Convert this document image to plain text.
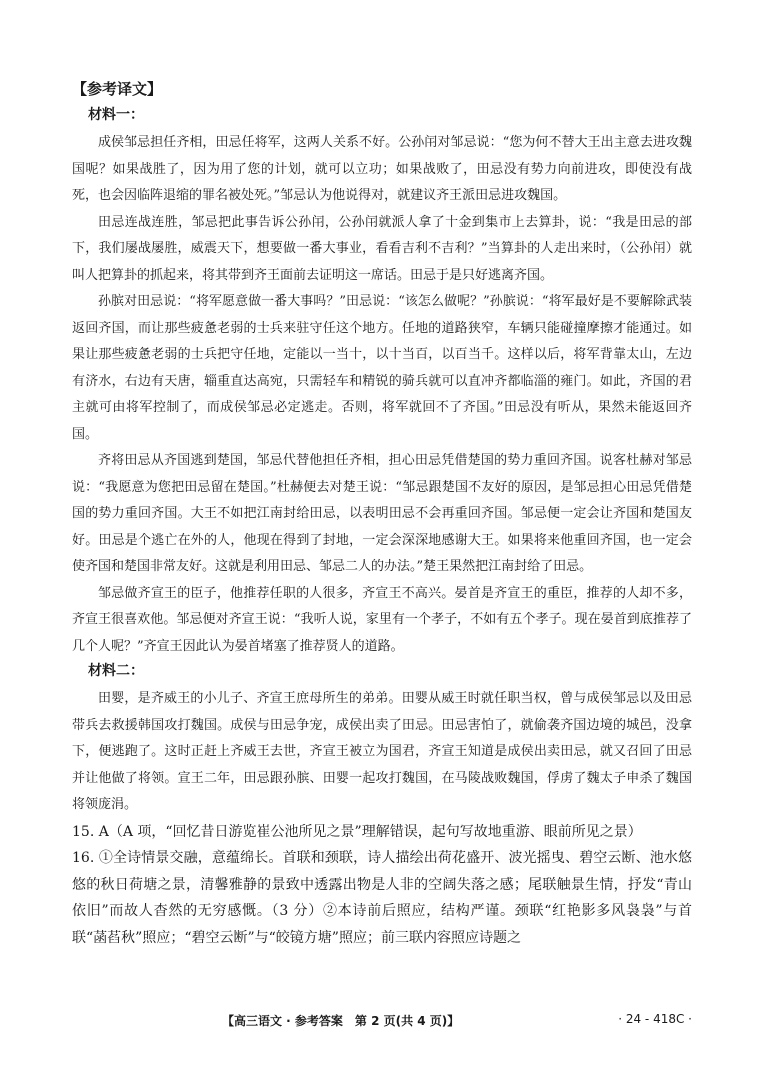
【参考译文】
材料一：

成侯邹忌担任齐相，田忌任将军，这两人关系不好。公孙闬对邹忌说：“您为何不替大王出主意去进攻魏国呢？如果战胜了，因为用了您的计划，就可以立功；如果战败了，田忌没有势力向前进攻，即使没有战死，也会因临阵退缩的罪名被处死。”邹忌认为他说得对，就建议齐王派田忌进攻魏国。

田忌连战连胜，邹忌把此事告诉公孙闬，公孙闬就派人拿了十金到集市上去算卦，说：“我是田忌的部下，我们屡战屡胜，威震天下，想要做一番大事业，看看吉利不吉利？”当算卦的人走出来时，（公孙闬）就叫人把算卦的抓起来，将其带到齐王面前去证明这一席话。田忌于是只好逃离齐国。

孙膑对田忌说：“将军愿意做一番大事吗？”田忌说：“该怎么做呢？”孙膑说：“将军最好是不要解除武装返回齐国，而让那些疲惫老弱的士兵来驻守任这个地方。任地的道路狭窄，车辆只能碰撞摩擦才能通过。如果让那些疲惫老弱的士兵把守任地，定能以一当十，以十当百，以百当千。这样以后，将军背靠太山，左边有济水，右边有天唐，辎重直达高宛，只需轻车和精锐的骑兵就可以直冲齐都临淄的雍门。如此，齐国的君主就可由将军控制了，而成侯邹忌必定逃走。否则，将军就回不了齐国。”田忌没有听从，果然未能返回齐国。

齐将田忌从齐国逃到楚国，邹忌代替他担任齐相，担心田忌凭借楚国的势力重回齐国。说客杜赫对邹忌说：“我愿意为您把田忌留在楚国。”杜赫便去对楚王说：“邹忌跟楚国不友好的原因，是邹忌担心田忌凭借楚国的势力重回齐国。大王不如把江南封给田忌，以表明田忌不会再重回齐国。邹忌便一定会让齐国和楚国友好。田忌是个逃亡在外的人，他现在得到了封地，一定会深深地感谢大王。如果将来他重回齐国，也一定会使齐国和楚国非常友好。这就是利用田忌、邹忌二人的办法。”楚王果然把江南封给了田忌。

邹忌做齐宣王的臣子，他推荐任职的人很多，齐宣王不高兴。晏首是齐宣王的重臣，推荐的人却不多，齐宣王很喜欢他。邹忌便对齐宣王说：“我听人说，家里有一个孝子，不如有五个孝子。现在晏首到底推荐了几个人呢？”齐宣王因此认为晏首堵塞了推荐贤人的道路。

材料二：

田婴，是齐威王的小儿子、齐宣王庶母所生的弟弟。田婴从威王时就任职当权，曾与成侯邹忌以及田忌带兵去救援韩国攻打魏国。成侯与田忌争宠，成侯出卖了田忌。田忌害怕了，就偷袭齐国边境的城邑，没拿下，便逃跑了。这时正赶上齐威王去世，齐宣王被立为国君，齐宣王知道是成侯出卖田忌，就又召回了田忌并让他做了将领。宣王二年，田忌跟孙膑、田婴一起攻打魏国，在马陵战败魏国，俘虏了魏太子申杀了魏国将领庞涓。

15. A（A 项，“回忆昔日游览崔公池所见之景”理解错误，起句写故地重游、眼前所见之景）

16. ①全诗情景交融，意蕴绵长。首联和颈联，诗人描绘出荷花盛开、波光摇曳、碧空云断、池水悠悠的秋日荷塘之景，清馨雅静的景致中透露出物是人非的空阔失落之感；尾联触景生情，抒发“青山依旧”而故人杳然的无穷感慨。（3 分）②本诗前后照应，结构严谨。颈联“红艳影多风袅袅”与首联“菡萏秋”照应；“碧空云断”与“皎镜方塘”照应；前三联内容照应诗题之

【高三语文 · 参考答案　第 2 页(共 4 页)】	· 24 - 418C ·
